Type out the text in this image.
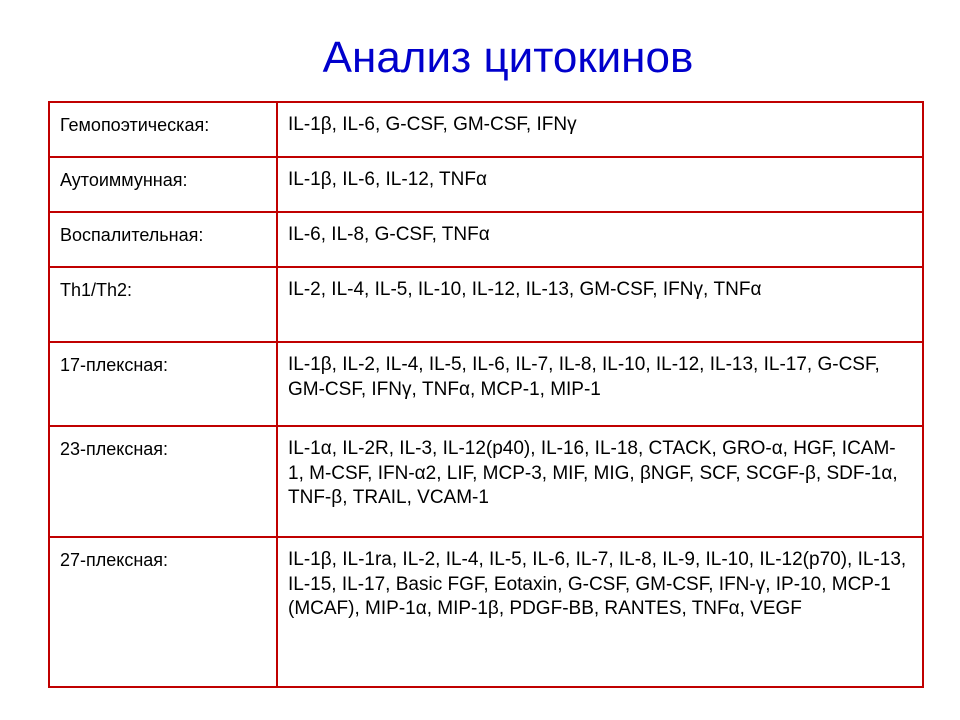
Анализ цитокинов
Гемопоэтическая:	IL-1β, IL-6, G-CSF, GM-CSF, IFNγ
Аутоиммунная:	IL-1β, IL-6, IL-12, TNFα
Воспалительная:	IL-6, IL-8, G-CSF, TNFα
Th1/Th2:	IL-2, IL-4, IL-5, IL-10, IL-12, IL-13, GM-CSF, IFNγ, TNFα
17-плексная:	IL-1β, IL-2, IL-4, IL-5, IL-6, IL-7, IL-8, IL-10, IL-12, IL-13, IL-17, G-CSF, GM-CSF, IFNγ, TNFα, MCP-1, MIP-1
23-плексная:	IL-1α, IL-2R, IL-3, IL-12(p40), IL-16, IL-18, CTACK, GRO-α, HGF, ICAM-1, M-CSF, IFN-α2, LIF, MCP-3, MIF, MIG, βNGF, SCF, SCGF-β, SDF-1α, TNF-β, TRAIL, VCAM-1
27-плексная:	IL-1β, IL-1ra, IL-2, IL-4, IL-5, IL-6, IL-7, IL-8, IL-9, IL-10, IL-12(p70), IL-13, IL-15, IL-17, Basic FGF, Eotaxin, G-CSF, GM-CSF, IFN-γ, IP-10, MCP-1 (MCAF), MIP-1α, MIP-1β, PDGF-BB, RANTES, TNFα, VEGF
